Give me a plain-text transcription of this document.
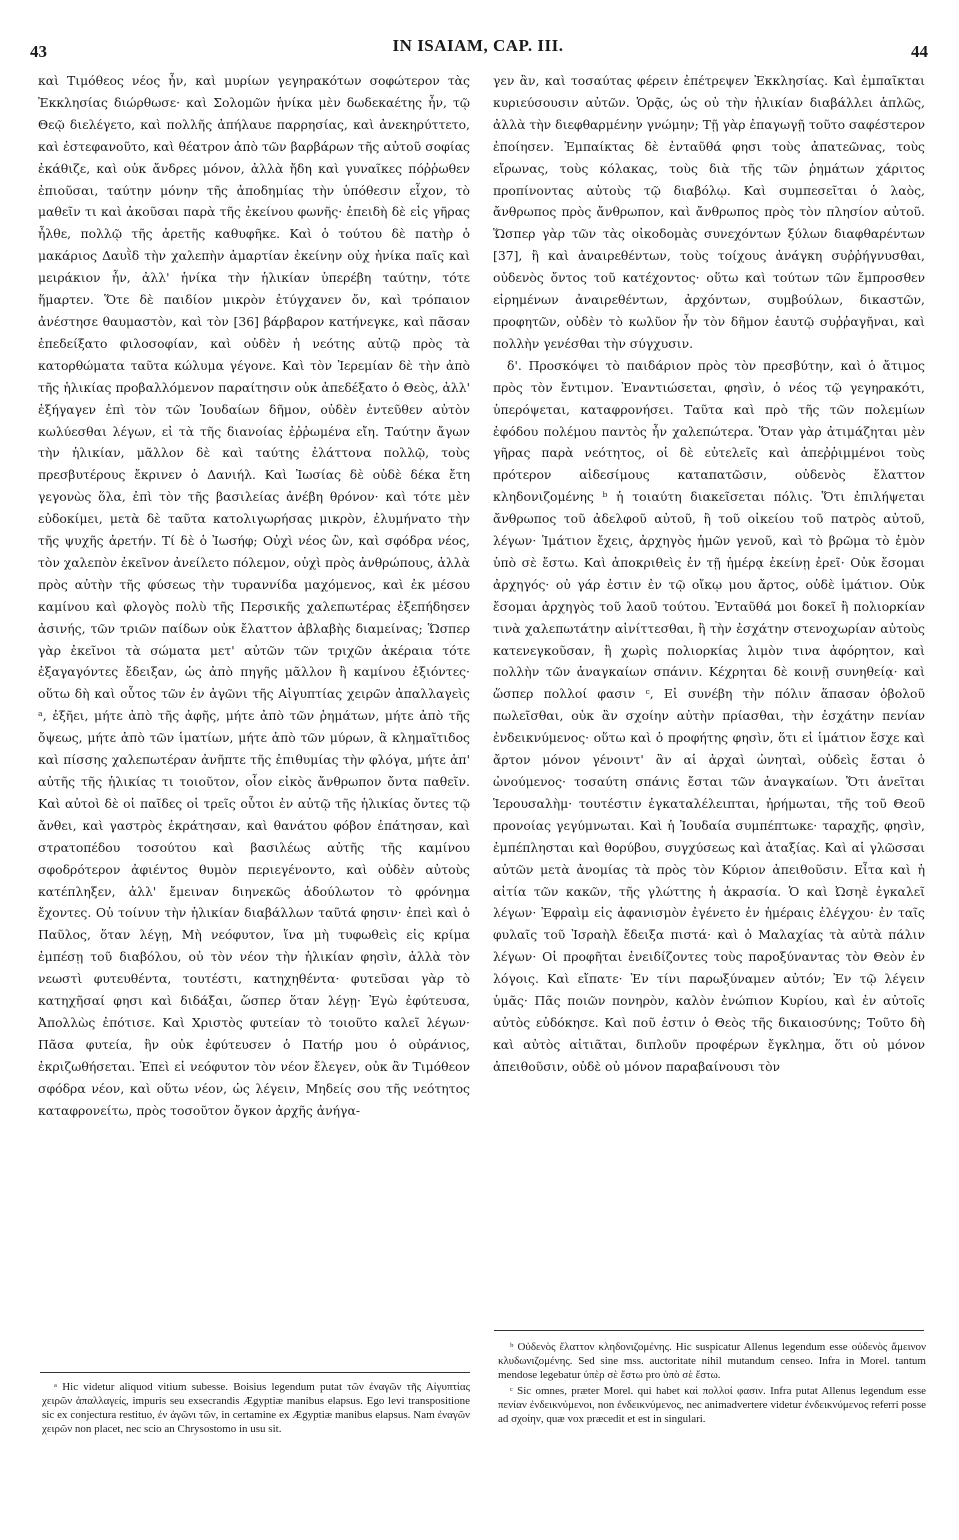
43	IN ISAIAM, CAP. III.	44

καὶ Τιμόθεος νέος ἦν, καὶ μυρίων γεγηρακότων σοφώτερον τὰς Ἐκκλησίας διώρθωσε· καὶ Σολομῶν ἡνίκα μὲν δωδεκαέτης ἦν, τῷ Θεῷ διελέγετο, καὶ πολλῆς ἀπήλαυε παρρησίας, καὶ ἀνεκηρύττετο, καὶ ἐστεφανοῦτο, καὶ θέατρον ἀπὸ τῶν βαρβάρων τῆς αὐτοῦ σοφίας ἐκάθιζε, καὶ οὐκ ἄνδρες μόνον, ἀλλὰ ἤδη καὶ γυναῖκες πόῤῥωθεν ἐπιοῦσαι, ταύτην μόνην τῆς ἀποδημίας τὴν ὑπόθεσιν εἶχον, τὸ μαθεῖν τι καὶ ἀκοῦσαι παρὰ τῆς ἐκείνου φωνῆς· ἐπειδὴ δὲ εἰς γῆρας ἦλθε, πολλῷ τῆς ἀρετῆς καθυφῆκε. Καὶ ὁ τούτου δὲ πατὴρ ὁ μακάριος Δαυῒδ τὴν χαλεπὴν ἁμαρτίαν ἐκείνην οὐχ ἡνίκα παῖς καὶ μειράκιον ἦν, ἀλλ' ἡνίκα τὴν ἡλικίαν ὑπερέβη ταύτην, τότε ἥμαρτεν. Ὅτε δὲ παιδίον μικρὸν ἐτύγχανεν ὄν, καὶ τρόπαιον ἀνέστησε θαυμαστὸν, καὶ τὸν [36] βάρβαρον κατήνεγκε, καὶ πᾶσαν ἐπεδείξατο φιλοσοφίαν, καὶ οὐδὲν ἡ νεότης αὐτῷ πρὸς τὰ κατορθώματα ταῦτα κώλυμα γέγονε. Καὶ τὸν Ἱερεμίαν δὲ τὴν ἀπὸ τῆς ἡλικίας προβαλλόμενον παραίτησιν οὐκ ἀπεδέξατο ὁ Θεὸς, ἀλλ' ἐξήγαγεν ἐπὶ τὸν τῶν Ἰουδαίων δῆμον, οὐδὲν ἐντεῦθεν αὐτὸν κωλύεσθαι λέγων, εἰ τὰ τῆς διανοίας ἐῤῥωμένα εἴη. Ταύτην ἄγων τὴν ἡλικίαν, μᾶλλον δὲ καὶ ταύτης ἐλάττονα πολλῷ, τοὺς πρεσβυτέρους ἔκρινεν ὁ Δανιήλ. Καὶ Ἰωσίας δὲ οὐδὲ δέκα ἔτη γεγονὼς ὅλα, ἐπὶ τὸν τῆς βασιλείας ἀνέβη θρόνον· καὶ τότε μὲν εὐδοκίμει, μετὰ δὲ ταῦτα κατολιγωρήσας μικρὸν, ἐλυμήνατο τὴν τῆς ψυχῆς ἀρετήν. Τί δὲ ὁ Ἰωσήφ; Οὐχὶ νέος ὢν, καὶ σφόδρα νέος, τὸν χαλεπὸν ἐκεῖνον ἀνείλετο πόλεμον, οὐχὶ πρὸς ἀνθρώπους, ἀλλὰ πρὸς αὐτὴν τῆς φύσεως τὴν τυραννίδα μαχόμενος, καὶ ἐκ μέσου καμίνου καὶ φλογὸς πολὺ τῆς Περσικῆς χαλεπωτέρας ἐξεπήδησεν ἀσινής, τῶν τριῶν παίδων οὐκ ἔλαττον ἀβλαβὴς διαμείνας; Ὥσπερ γὰρ ἐκεῖνοι τὰ σώματα μετ' αὐτῶν τῶν τριχῶν ἀκέραια τότε ἐξαγαγόντες ἔδειξαν, ὡς ἀπὸ πηγῆς μᾶλλον ἢ καμίνου ἐξιόντες· οὕτω δὴ καὶ οὗτος τῶν ἐν ἀγῶνι τῆς Αἰγυπτίας χειρῶν ἀπαλλαγεὶς ᵃ, ἐξῆει, μήτε ἀπὸ τῆς ἀφῆς, μήτε ἀπὸ τῶν ῥημάτων, μήτε ἀπὸ τῆς ὄψεως, μήτε ἀπὸ τῶν ἱματίων, μήτε ἀπὸ τῶν μύρων, ἃ κλημαῖτιδος καὶ πίσσης χαλεπωτέραν ἀνῆπτε τῆς ἐπιθυμίας τὴν φλόγα, μήτε ἀπ' αὐτῆς τῆς ἡλικίας τι τοιοῦτον, οἷον εἰκὸς ἄνθρωπον ὄντα παθεῖν. Καὶ αὐτοὶ δὲ οἱ παῖδες οἱ τρεῖς οὗτοι ἐν αὐτῷ τῆς ἡλικίας ὄντες τῷ ἄνθει, καὶ γαστρὸς ἐκράτησαν, καὶ θανάτου φόβον ἐπάτησαν, καὶ στρατοπέδου τοσούτου καὶ βασιλέως αὐτῆς τῆς καμίνου σφοδρότερον ἀφιέντος θυμὸν περιεγένοντο, καὶ οὐδὲν αὐτοὺς κατέπληξεν, ἀλλ' ἔμειναν διηνεκῶς ἀδούλωτον τὸ φρόνημα ἔχοντες. Οὐ τοίνυν τὴν ἡλικίαν διαβάλλων ταῦτά φησιν· ἐπεὶ καὶ ὁ Παῦλος, ὅταν λέγῃ, Μὴ νεόφυτον, ἵνα μὴ τυφωθεὶς εἰς κρίμα ἐμπέσῃ τοῦ διαβόλου, οὐ τὸν νέον τὴν ἡλικίαν φησὶν, ἀλλὰ τὸν νεωστὶ φυτευθέντα, τουτέστι, κατηχηθέντα· φυτεῦσαι γὰρ τὸ κατηχῆσαί φησι καὶ διδάξαι, ὥσπερ ὅταν λέγῃ· Ἐγὼ ἐφύτευσα, Ἀπολλὼς ἐπότισε. Καὶ Χριστὸς φυτείαν τὸ τοιοῦτο καλεῖ λέγων· Πᾶσα φυτεία, ἣν οὐκ ἐφύτευσεν ὁ Πατήρ μου ὁ οὐράνιος, ἐκριζωθήσεται. Ἐπεὶ εἰ νεόφυτον τὸν νέον ἔλεγεν, οὐκ ἂν Τιμόθεον σφόδρα νέον, καὶ οὕτω νέον, ὡς λέγειν, Μηδείς σου τῆς νεότητος καταφρονείτω, πρὸς τοσοῦτον ὄγκον ἀρχῆς ἀνήγα-

γεν ἂν, καὶ τοσαύτας φέρειν ἐπέτρεψεν Ἐκκλησίας. Καὶ ἐμπαῖκται κυριεύσουσιν αὐτῶν. Ὁρᾷς, ὡς οὐ τὴν ἡλικίαν διαβάλλει ἁπλῶς, ἀλλὰ τὴν διεφθαρμένην γνώμην; Τῇ γὰρ ἐπαγωγῇ τοῦτο σαφέστερον ἐποίησεν. Ἐμπαίκτας δὲ ἐνταῦθά φησι τοὺς ἀπατεῶνας, τοὺς εἴρωνας, τοὺς κόλακας, τοὺς διὰ τῆς τῶν ῥημάτων χάριτος προπίνοντας αὐτοὺς τῷ διαβόλῳ. Καὶ συμπεσεῖται ὁ λαὸς, ἄνθρωπος πρὸς ἄνθρωπον, καὶ ἄνθρωπος πρὸς τὸν πλησίον αὐτοῦ. Ὥσπερ γὰρ τῶν τὰς οἰκοδομὰς συνεχόντων ξύλων διαφθαρέντων [37], ἢ καὶ ἀναιρεθέντων, τοὺς τοίχους ἀνάγκη συῤῥήγνυσθαι, οὐδενὸς ὄντος τοῦ κατέχοντος· οὕτω καὶ τούτων τῶν ἔμπροσθεν εἰρημένων ἀναιρεθέντων, ἀρχόντων, συμβούλων, δικαστῶν, προφητῶν, οὐδὲν τὸ κωλῦον ἦν τὸν δῆμον ἑαυτῷ συῤῥαγῆναι, καὶ πολλὴν γενέσθαι τὴν σύγχυσιν.

δ'. Προσκόψει τὸ παιδάριον πρὸς τὸν πρεσβύτην, καὶ ὁ ἄτιμος πρὸς τὸν ἔντιμον. Ἐναντιώσεται, φησὶν, ὁ νέος τῷ γεγηρακότι, ὑπερόψεται, καταφρονήσει. Ταῦτα καὶ πρὸ τῆς τῶν πολεμίων ἐφόδου πολέμου παντὸς ἦν χαλεπώτερα. Ὅταν γὰρ ἀτιμάζηται μὲν γῆρας παρὰ νεότητος, οἱ δὲ εὐτελεῖς καὶ ἀπεῤῥιμμένοι τοὺς πρότερον αἰδεσίμους καταπατῶσιν, οὐδενὸς ἔλαττον κληδονιζομένης ᵇ ἡ τοιαύτη διακεῖσεται πόλις. Ὅτι ἐπιλήψεται ἄνθρωπος τοῦ ἀδελφοῦ αὐτοῦ, ἢ τοῦ οἰκείου τοῦ πατρὸς αὐτοῦ, λέγων· Ἱμάτιον ἔχεις, ἀρχηγὸς ἡμῶν γενοῦ, καὶ τὸ βρῶμα τὸ ἐμὸν ὑπὸ σὲ ἔστω. Καὶ ἀποκριθεὶς ἐν τῇ ἡμέρᾳ ἐκείνῃ ἐρεῖ· Οὐκ ἔσομαι ἀρχηγός· οὐ γάρ ἐστιν ἐν τῷ οἴκῳ μου ἄρτος, οὐδὲ ἱμάτιον. Οὐκ ἔσομαι ἀρχηγὸς τοῦ λαοῦ τούτου. Ἐνταῦθά μοι δοκεῖ ἢ πολιορκίαν τινὰ χαλεπωτάτην αἰνίττεσθαι, ἢ τὴν ἐσχάτην στενοχωρίαν αὐτοὺς κατενεγκοῦσαν, ἢ χωρὶς πολιορκίας λιμὸν τινα ἀφόρητον, καὶ πολλὴν τῶν ἀναγκαίων σπάνιν. Κέχρηται δὲ κοινῇ συνηθείᾳ· καὶ ὥσπερ πολλοί φασιν ᶜ, Εἰ συνέβη τὴν πόλιν ἅπασαν ὀβολοῦ πωλεῖσθαι, οὐκ ἂν σχοίην αὐτὴν πρίασθαι, τὴν ἐσχάτην πενίαν ἐνδεικνύμενος· οὕτω καὶ ὁ προφήτης φησὶν, ὅτι εἰ ἱμάτιον ἔσχε καὶ ἄρτον μόνον γένοιντ' ἂν αἱ ἀρχαὶ ὠνηταὶ, οὐδεὶς ἔσται ὁ ὠνούμενος· τοσαύτη σπάνις ἔσται τῶν ἀναγκαίων. Ὅτι ἀνεῖται Ἱερουσαλὴμ· τουτέστιν ἐγκαταλέλειπται, ἠρήμωται, τῆς τοῦ Θεοῦ προνοίας γεγύμνωται. Καὶ ἡ Ἰουδαία συμπέπτωκε· ταραχῆς, φησὶν, ἐμπέπλησται καὶ θορύβου, συγχύσεως καὶ ἀταξίας. Καὶ αἱ γλῶσσαι αὐτῶν μετὰ ἀνομίας τὰ πρὸς τὸν Κύριον ἀπειθοῦσιν. Εἶτα καὶ ἡ αἰτία τῶν κακῶν, τῆς γλώττης ἡ ἀκρασία. Ὁ καὶ Ὠσηὲ ἐγκαλεῖ λέγων· Ἐφραὶμ εἰς ἀφανισμὸν ἐγένετο ἐν ἡμέραις ἐλέγχου· ἐν ταῖς φυλαῖς τοῦ Ἰσραὴλ ἔδειξα πιστά· καὶ ὁ Μαλαχίας τὰ αὐτὰ πάλιν λέγων· Οἱ προφῆται ἐνειδίζοντες τοὺς παροξύναντας τὸν Θεὸν ἐν λόγοις. Καὶ εἴπατε· Ἐν τίνι παρωξύναμεν αὐτόν; Ἐν τῷ λέγειν ὑμᾶς· Πᾶς ποιῶν πονηρὸν, καλὸν ἐνώπιον Κυρίου, καὶ ἐν αὐτοῖς αὐτὸς εὐδόκησε. Καὶ ποῦ ἐστιν ὁ Θεὸς τῆς δικαιοσύνης; Τοῦτο δὴ καὶ αὐτὸς αἰτιᾶται, διπλοῦν προφέρων ἔγκλημα, ὅτι οὐ μόνον ἀπειθοῦσιν, οὐδὲ οὐ μόνον παραβαίνουσι τὸν

ᵃ Hic videtur aliquod vitium subesse. Boisius legendum putat τῶν ἐναγῶν τῆς Αἰγυπτίας χειρῶν ἀπαλλαγείς, impuris seu exsecrandis Ægyptiæ manibus elapsus. Ego levi transpositione sic ex conjectura restituo, ἐν ἀγῶνι τῶν, in certamine ex Ægyptiæ manibus elapsus. Nam ἐναγῶν χειρῶν non placet, nec scio an Chrysostomo in usu sit.

ᵇ Οὐδενὸς ἔλαττον κληδονιζομένης. Hic suspicatur Allenus legendum esse οὐδενὸς ἄμεινον κλυδωνιζομένης. Sed sine mss. auctoritate nihil mutandum censeo. Infra in Morel. tantum mendose legebatur ὑπὲρ σὲ ἔστω pro ὑπὸ σὲ ἔστω.

ᶜ Sic omnes, præter Morel. qui habet καὶ πολλοί φασιν. Infra putat Allenus legendum esse πενίαν ἐνδεικνύμενοι, non ἐνδεικνύμενος, nec animadvertere videtur ἐνδεικνύμενος referri posse ad σχοίην, quæ vox præcedit et est in singulari.
